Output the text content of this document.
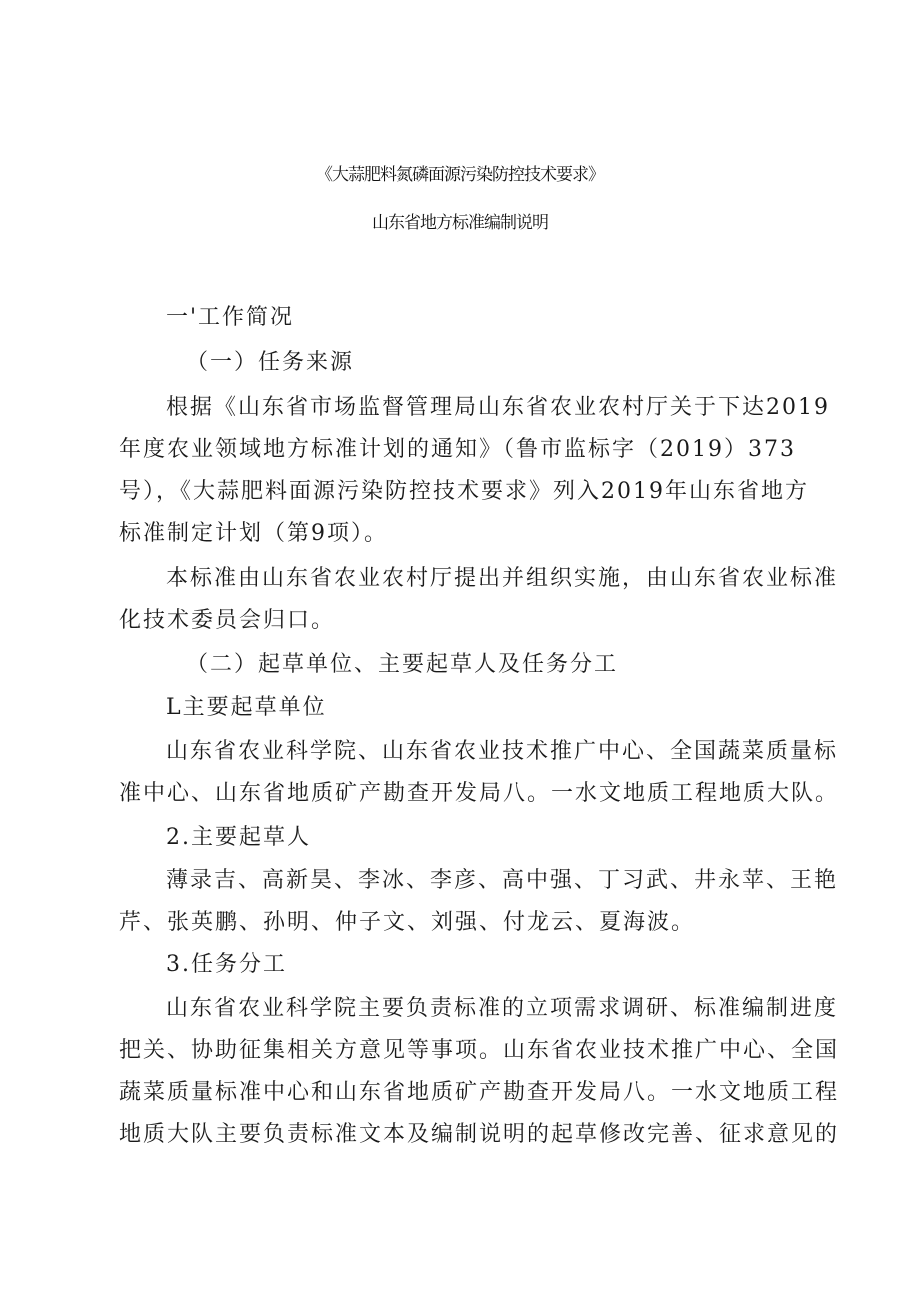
《大蒜肥料氮磷面源污染防控技术要求》
山东省地方标准编制说明
一'工作简况
（一）任务来源
根据《山东省市场监督管理局山东省农业农村厅关于下达2019
年度农业领域地方标准计划的通知》（鲁市监标字（2019）373
号），《大蒜肥料面源污染防控技术要求》列入2019年山东省地方
标准制定计划（第9项）。
本标准由山东省农业农村厅提出并组织实施，由山东省农业标准
化技术委员会归口。
（二）起草单位、主要起草人及任务分工
L主要起草单位
山东省农业科学院、山东省农业技术推广中心、全国蔬菜质量标
准中心、山东省地质矿产勘查开发局八。一水文地质工程地质大队。
2.主要起草人
薄录吉、高新昊、李冰、李彦、高中强、丁习武、井永苹、王艳
芹、张英鹏、孙明、仲子文、刘强、付龙云、夏海波。
3.任务分工
山东省农业科学院主要负责标准的立项需求调研、标准编制进度
把关、协助征集相关方意见等事项。山东省农业技术推广中心、全国
蔬菜质量标准中心和山东省地质矿产勘查开发局八。一水文地质工程
地质大队主要负责标准文本及编制说明的起草修改完善、征求意见的
